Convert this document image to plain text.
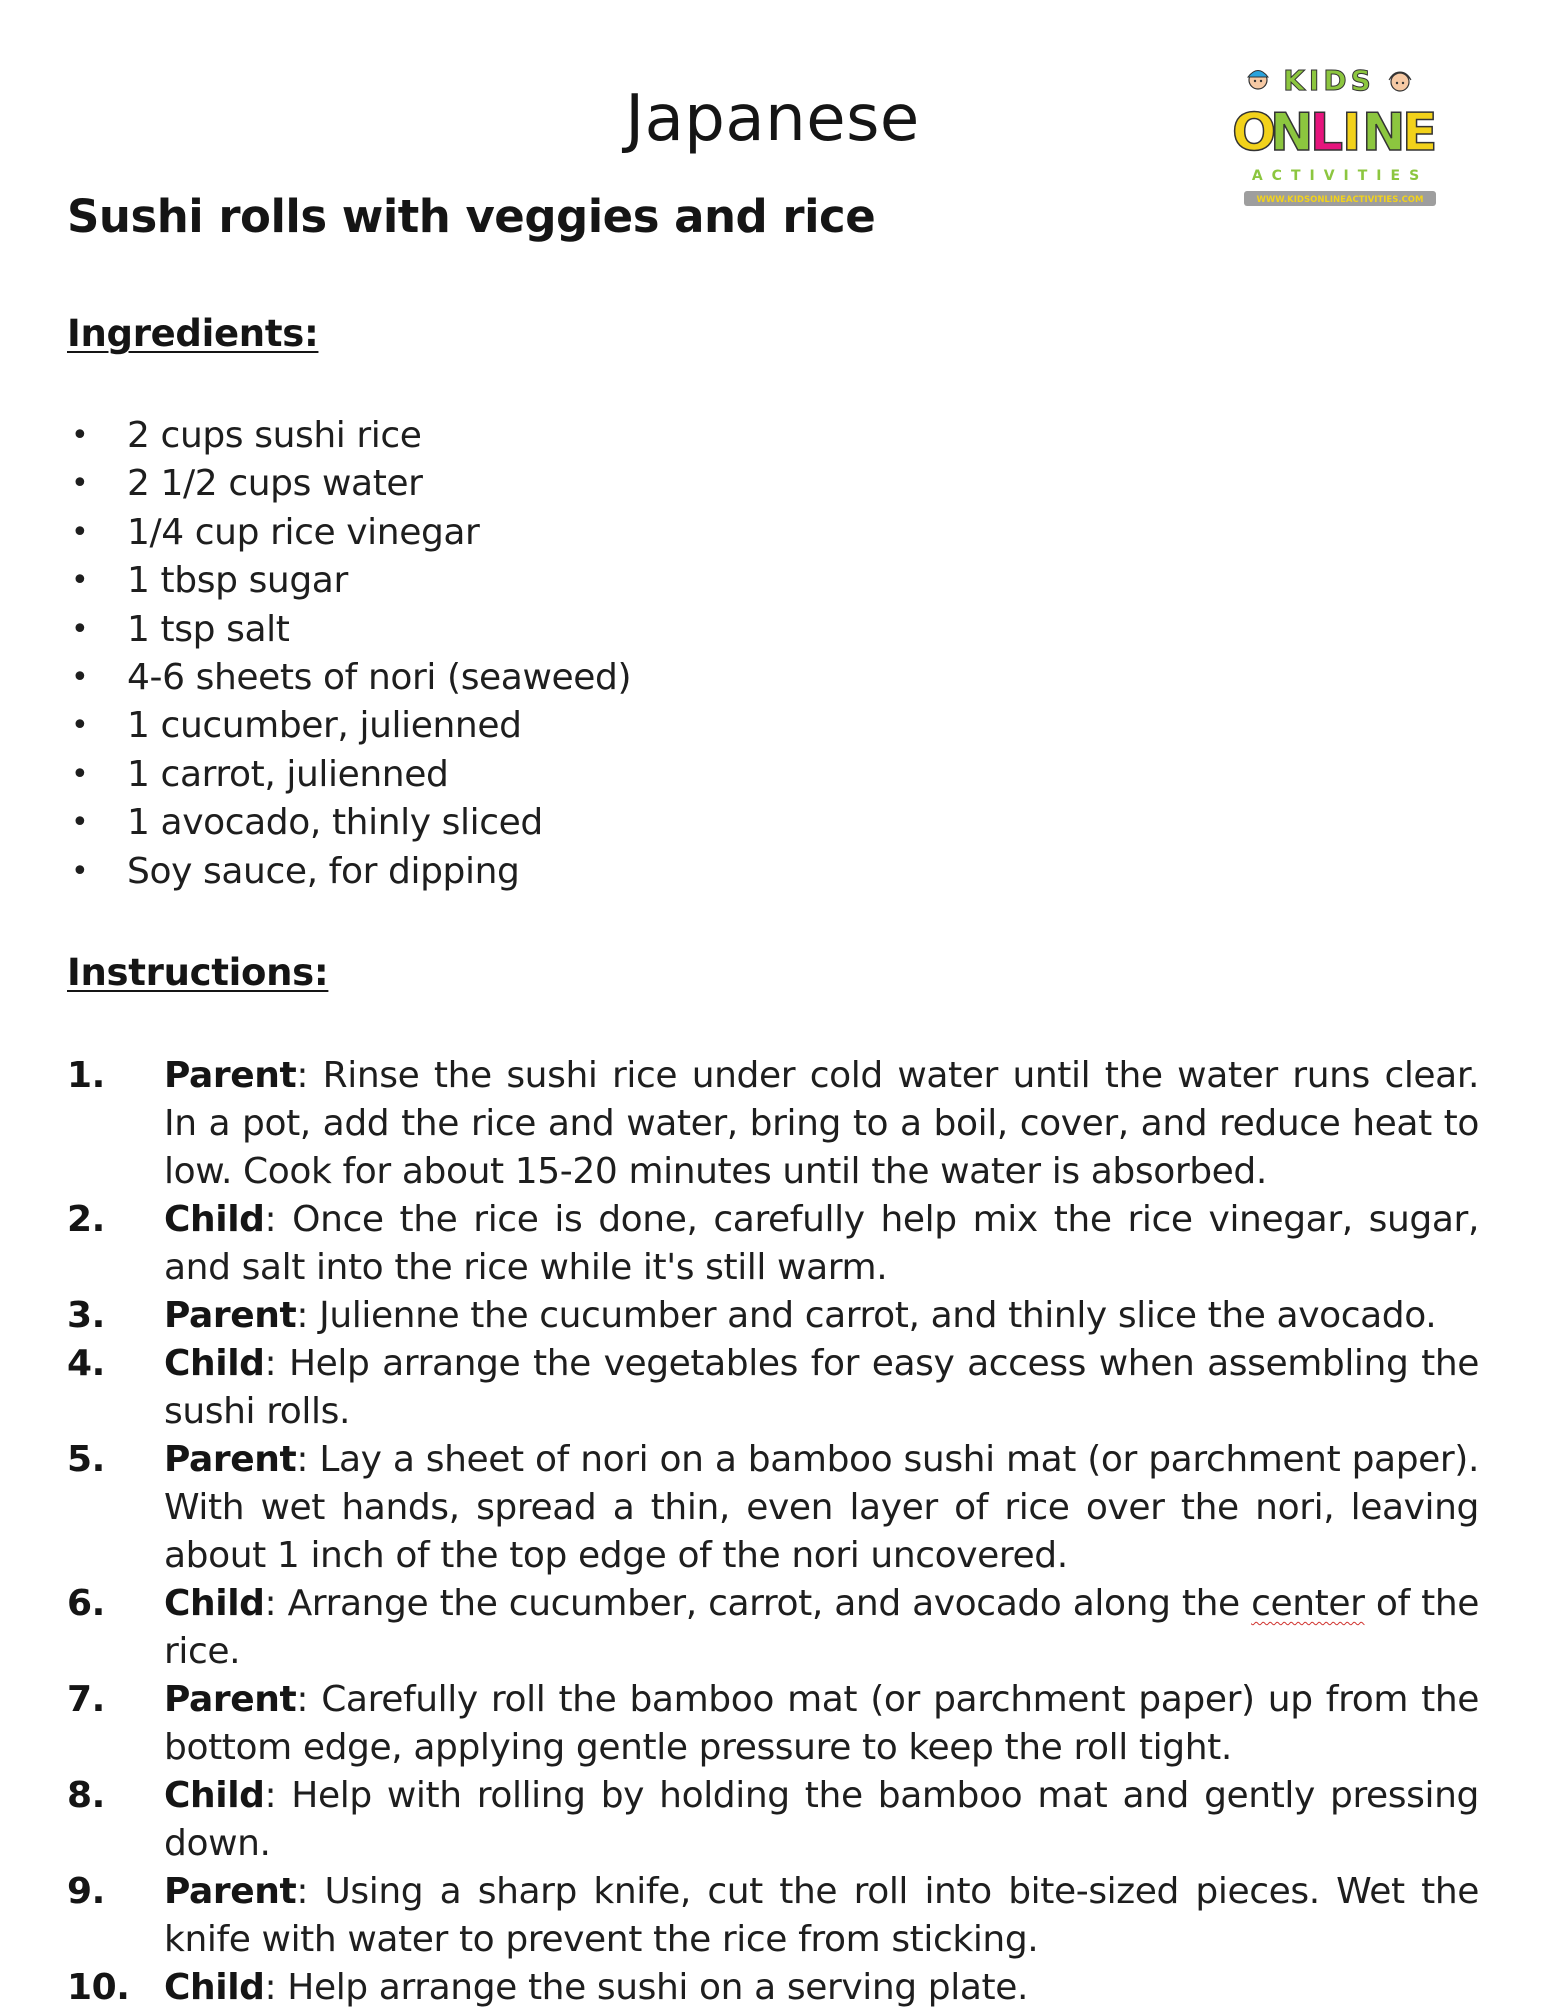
KIDS
O
N
L
I N
E
ACTIVITIES
WWW.KIDSONLINEACTIVITIES.COM
Japanese
Sushi rolls with veggies and rice
Ingredients:
• 2 cups sushi rice
• 2 1/2 cups water
• 1/4 cup rice vinegar
• 1 tbsp sugar
• 1 tsp salt
• 4-6 sheets of nori (seaweed)
• 1 cucumber, julienned
• 1 carrot, julienned
• 1 avocado, thinly sliced
• Soy sauce, for dipping
Instructions:
1. Parent: Rinse the sushi rice under cold water until the water runs clear. In a pot, add the rice and water, bring to a boil, cover, and reduce heat to low. Cook for about 15-20 minutes until the water is absorbed.
2. Child: Once the rice is done, carefully help mix the rice vinegar, sugar, and salt into the rice while it's still warm.
3. Parent: Julienne the cucumber and carrot, and thinly slice the avocado.
4. Child: Help arrange the vegetables for easy access when assembling the sushi rolls.
5. Parent: Lay a sheet of nori on a bamboo sushi mat (or parchment paper). With wet hands, spread a thin, even layer of rice over the nori, leaving about 1 inch of the top edge of the nori uncovered.
6. Child: Arrange the cucumber, carrot, and avocado along the center of the rice.
7. Parent: Carefully roll the bamboo mat (or parchment paper) up from the bottom edge, applying gentle pressure to keep the roll tight.
8. Child: Help with rolling by holding the bamboo mat and gently pressing down.
9. Parent: Using a sharp knife, cut the roll into bite-sized pieces. Wet the knife with water to prevent the rice from sticking.
10. Child: Help arrange the sushi on a serving plate.
